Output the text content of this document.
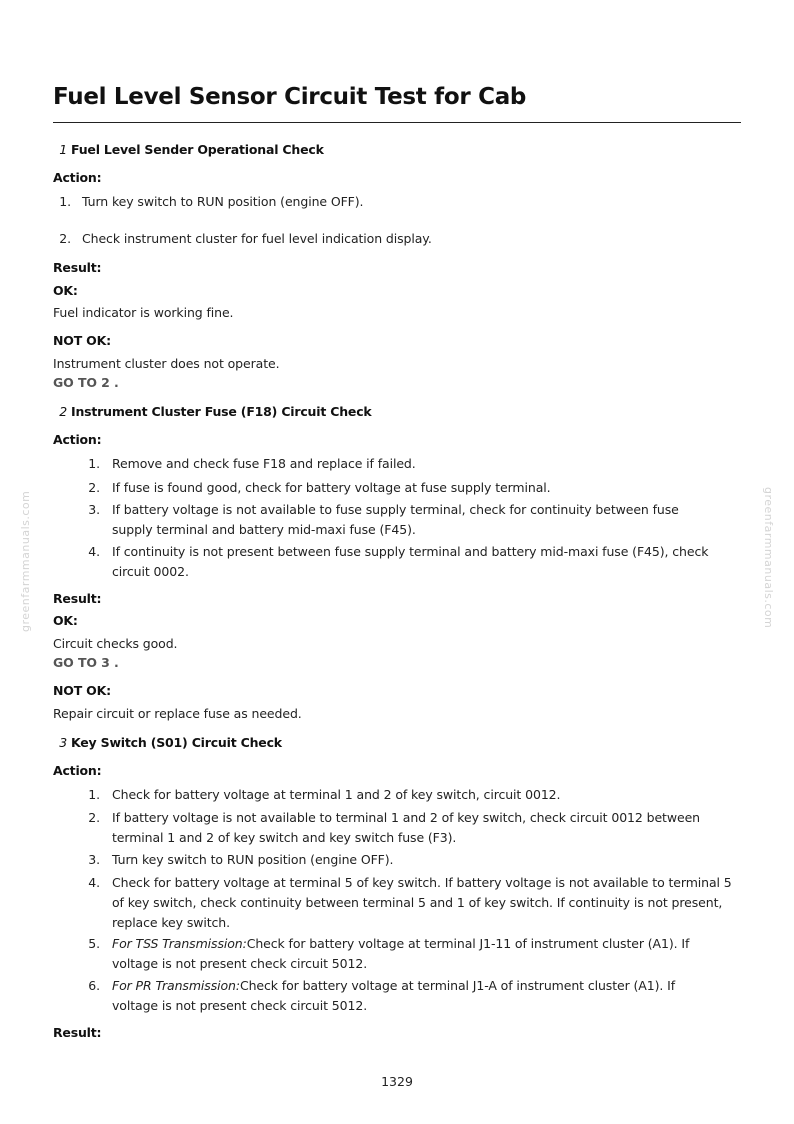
greenfarmmanuals.com	greenfarmmanuals.com
Fuel Level Sensor Circuit Test for Cab
1 Fuel Level Sender Operational Check
Action:
1. Turn key switch to RUN position (engine OFF).
2. Check instrument cluster for fuel level indication display.
Result:
OK:
Fuel indicator is working fine.
NOT OK:
Instrument cluster does not operate.
GO TO 2 .
2 Instrument Cluster Fuse (F18) Circuit Check
Action:
1. Remove and check fuse F18 and replace if failed.
2. If fuse is found good, check for battery voltage at fuse supply terminal.
3. If battery voltage is not available to fuse supply terminal, check for continuity between fuse supply terminal and battery mid-maxi fuse (F45).
4. If continuity is not present between fuse supply terminal and battery mid-maxi fuse (F45), check circuit 0002.
Result:
OK:
Circuit checks good.
GO TO 3 .
NOT OK:
Repair circuit or replace fuse as needed.
3 Key Switch (S01) Circuit Check
Action:
1. Check for battery voltage at terminal 1 and 2 of key switch, circuit 0012.
2. If battery voltage is not available to terminal 1 and 2 of key switch, check circuit 0012 between terminal 1 and 2 of key switch and key switch fuse (F3).
3. Turn key switch to RUN position (engine OFF).
4. Check for battery voltage at terminal 5 of key switch. If battery voltage is not available to terminal 5 of key switch, check continuity between terminal 5 and 1 of key switch. If continuity is not present, replace key switch.
5. For TSS Transmission:Check for battery voltage at terminal J1-11 of instrument cluster (A1). If voltage is not present check circuit 5012.
6. For PR Transmission:Check for battery voltage at terminal J1-A of instrument cluster (A1). If voltage is not present check circuit 5012.
Result:
1329
